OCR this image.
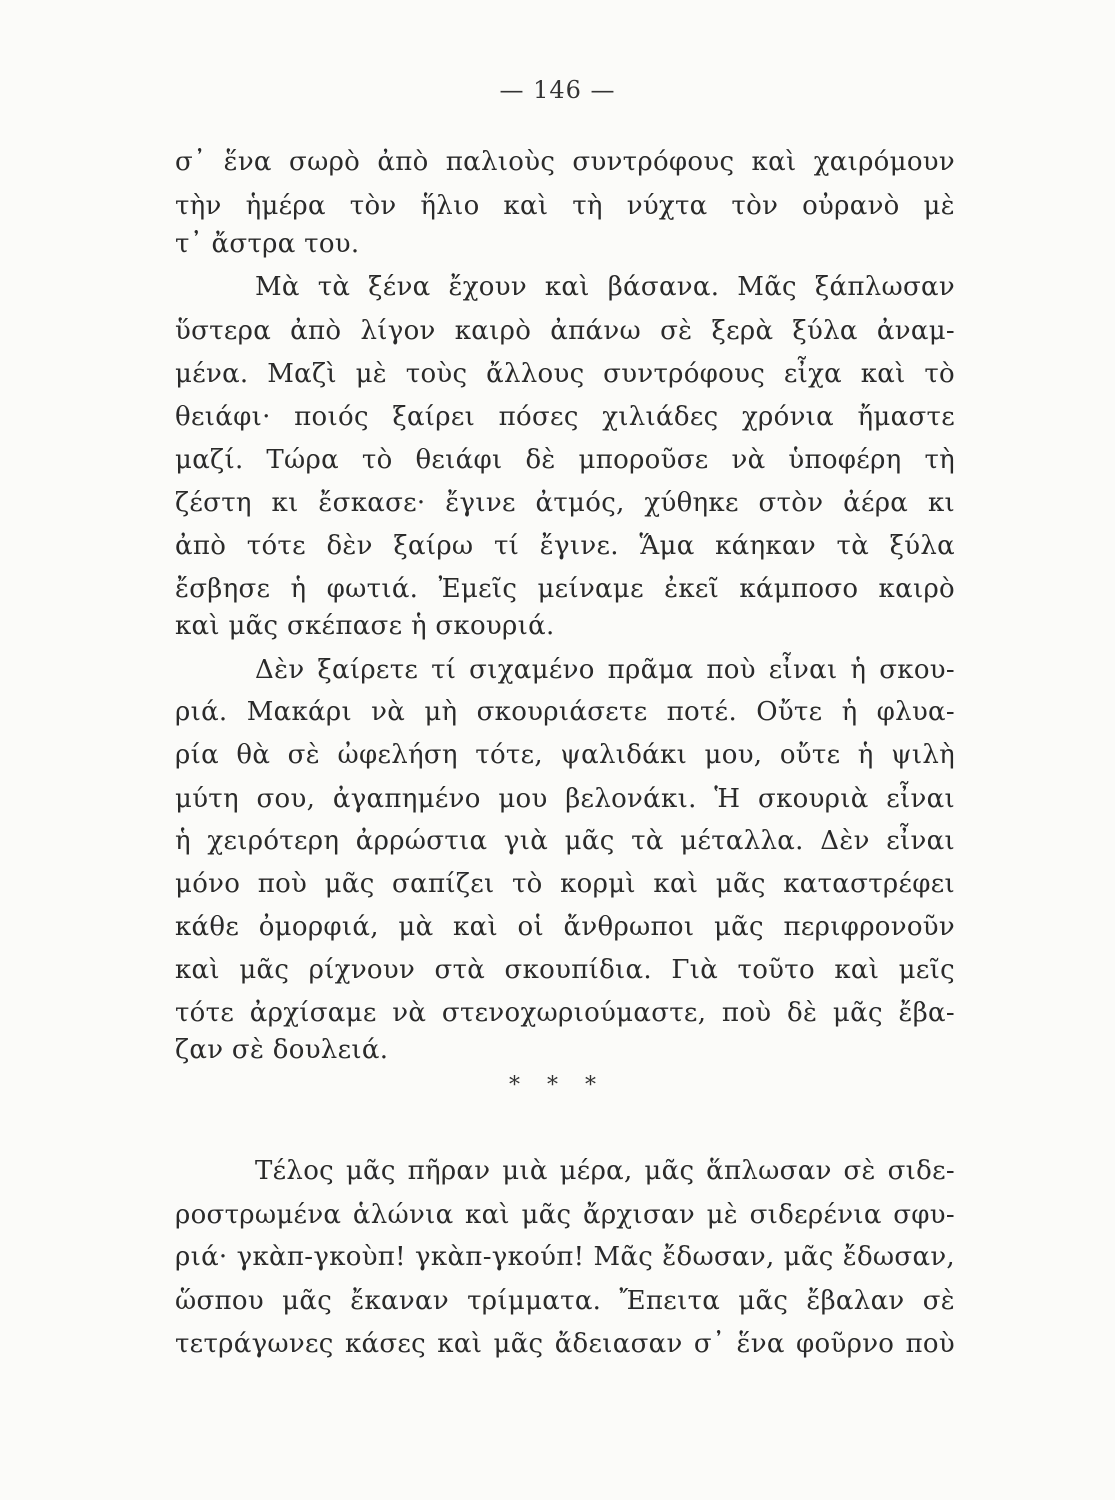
— 146 —
σ᾽ ἕνα σωρὸ ἀπὸ παλιοὺς συντρόφους καὶ χαιρόμουν
τὴν ἡμέρα τὸν ἥλιο καὶ τὴ νύχτα τὸν οὐρανὸ μὲ
τ᾽ ἄστρα του.
Μὰ τὰ ξένα ἔχουν καὶ βάσανα. Μᾶς ξάπλωσαν
ὕστερα ἀπὸ λίγον καιρὸ ἀπάνω σὲ ξερὰ ξύλα ἀναμ-
μένα. Μαζὶ μὲ τοὺς ἄλλους συντρόφους εἶχα καὶ τὸ
θειάφι· ποιός ξαίρει πόσες χιλιάδες χρόνια ἤμαστε
μαζί. Τώρα τὸ θειάφι δὲ μποροῦσε νὰ ὑποφέρη τὴ
ζέστη κι ἔσκασε· ἔγινε ἀτμός, χύθηκε στὸν ἀέρα κι
ἀπὸ τότε δὲν ξαίρω τί ἔγινε. Ἅμα κάηκαν τὰ ξύλα
ἔσβησε ἡ φωτιά. Ἐμεῖς μείναμε ἐκεῖ κάμποσο καιρὸ
καὶ μᾶς σκέπασε ἡ σκουριά.
Δὲν ξαίρετε τί σιχαμένο πρᾶμα ποὺ εἶναι ἡ σκου-
ριά. Μακάρι νὰ μὴ σκουριάσετε ποτέ. Οὔτε ἡ φλυα-
ρία θὰ σὲ ὠφελήση τότε, ψαλιδάκι μου, οὔτε ἡ ψιλὴ
μύτη σου, ἀγαπημένο μου βελονάκι. Ἡ σκουριὰ εἶναι
ἡ χειρότερη ἀρρώστια γιὰ μᾶς τὰ μέταλλα. Δὲν εἶναι
μόνο ποὺ μᾶς σαπίζει τὸ κορμὶ καὶ μᾶς καταστρέφει
κάθε ὀμορφιά, μὰ καὶ οἱ ἄνθρωποι μᾶς περιφρονοῦν
καὶ μᾶς ρίχνουν στὰ σκουπίδια. Γιὰ τοῦτο καὶ μεῖς
τότε ἀρχίσαμε νὰ στενοχωριούμαστε, ποὺ δὲ μᾶς ἔβα-
ζαν σὲ δουλειά.
Τέλος μᾶς πῆραν μιὰ μέρα, μᾶς ἅπλωσαν σὲ σιδε-
ροστρωμένα ἁλώνια καὶ μᾶς ἄρχισαν μὲ σιδερένια σφυ-
ριά· γκὰπ-γκοὺπ! γκὰπ-γκούπ! Μᾶς ἔδωσαν, μᾶς ἔδωσαν,
ὥσπου μᾶς ἔκαναν τρίμματα. Ἔπειτα μᾶς ἔβαλαν σὲ
τετράγωνες κάσες καὶ μᾶς ἄδειασαν σ᾽ ἕνα φοῦρνο ποὺ
* * *
